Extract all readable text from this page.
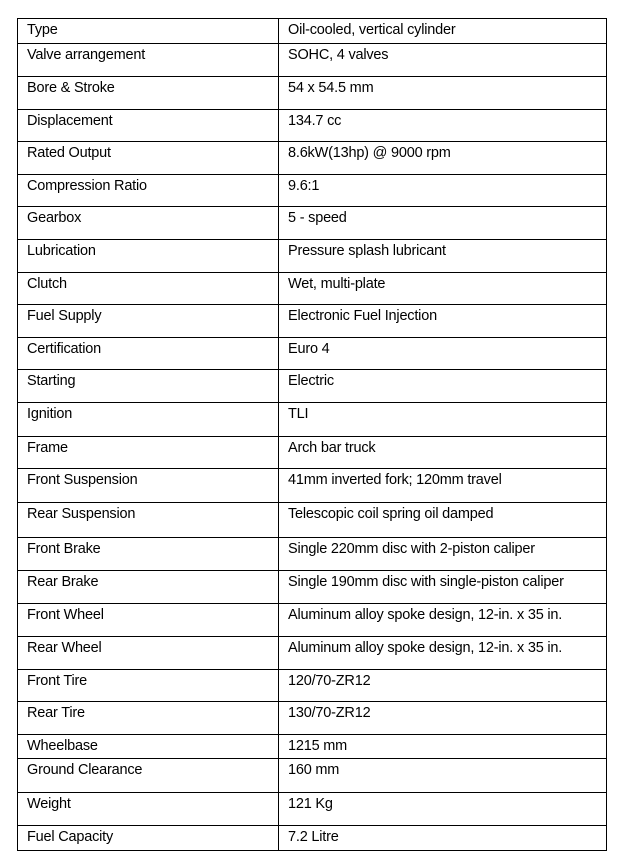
Type	Oil-cooled, vertical cylinder
Valve arrangement	SOHC, 4 valves
Bore & Stroke	54 x 54.5 mm
Displacement	134.7 cc
Rated Output	8.6kW(13hp) @ 9000 rpm
Compression Ratio	9.6:1
Gearbox	5 - speed
Lubrication	Pressure splash lubricant
Clutch	Wet, multi-plate
Fuel Supply	Electronic Fuel Injection
Certification	Euro 4
Starting	Electric
Ignition	TLI
Frame	Arch bar truck
Front Suspension	41mm inverted fork; 120mm travel
Rear Suspension	Telescopic coil spring oil damped
Front Brake	Single 220mm disc with 2-piston caliper
Rear Brake	Single 190mm disc with single-piston caliper
Front Wheel	Aluminum alloy spoke design, 12-in. x 35 in.
Rear Wheel	Aluminum alloy spoke design, 12-in. x 35 in.
Front Tire	120/70-ZR12
Rear Tire	130/70-ZR12
Wheelbase	1215 mm
Ground Clearance	160 mm
Weight	121 Kg
Fuel Capacity	7.2 Litre
